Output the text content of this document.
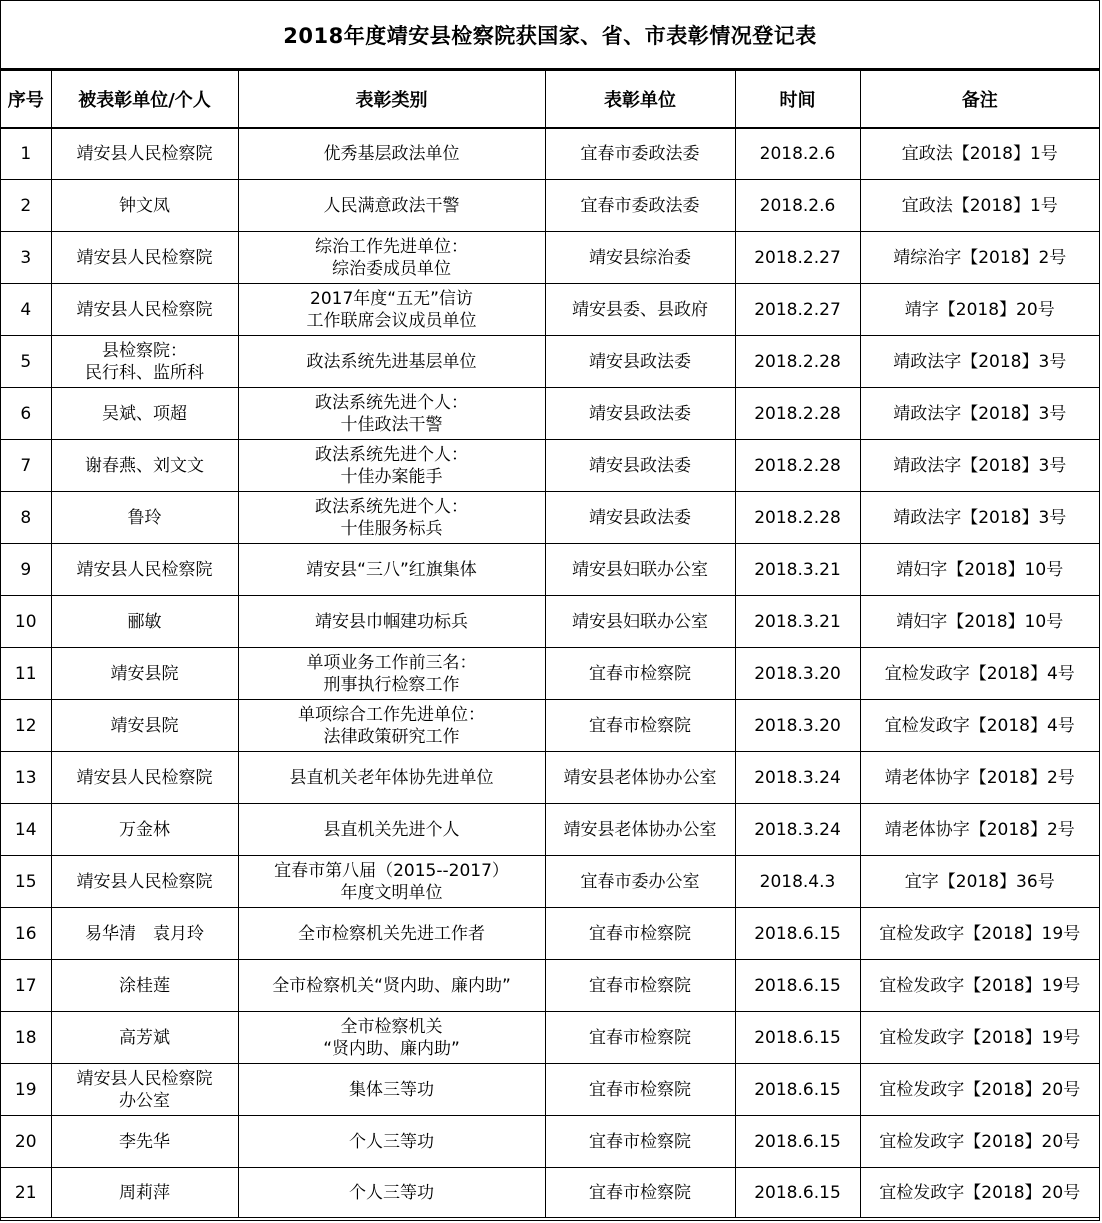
2018年度靖安县检察院获国家、省、市表彰情况登记表
序号	被表彰单位/个人	表彰类别	表彰单位	时间	备注
1	靖安县人民检察院	优秀基层政法单位	宜春市委政法委	2018.2.6	宜政法【2018】1号
2	钟文凤	人民满意政法干警	宜春市委政法委	2018.2.6	宜政法【2018】1号
3	靖安县人民检察院	综治工作先进单位：
综治委成员单位	靖安县综治委	2018.2.27	靖综治字【2018】2号
4	靖安县人民检察院	2017年度“五无”信访
工作联席会议成员单位	靖安县委、县政府	2018.2.27	靖字【2018】20号
5	县检察院：
民行科、监所科	政法系统先进基层单位	靖安县政法委	2018.2.28	靖政法字【2018】3号
6	吴斌、项超	政法系统先进个人：
十佳政法干警	靖安县政法委	2018.2.28	靖政法字【2018】3号
7	谢春燕、刘文文	政法系统先进个人：
十佳办案能手	靖安县政法委	2018.2.28	靖政法字【2018】3号
8	鲁玲	政法系统先进个人：
十佳服务标兵	靖安县政法委	2018.2.28	靖政法字【2018】3号
9	靖安县人民检察院	靖安县“三八”红旗集体	靖安县妇联办公室	2018.3.21	靖妇字【2018】10号
10	郦敏	靖安县巾帼建功标兵	靖安县妇联办公室	2018.3.21	靖妇字【2018】10号
11	靖安县院	单项业务工作前三名：
刑事执行检察工作	宜春市检察院	2018.3.20	宜检发政字【2018】4号
12	靖安县院	单项综合工作先进单位：
法律政策研究工作	宜春市检察院	2018.3.20	宜检发政字【2018】4号
13	靖安县人民检察院	县直机关老年体协先进单位	靖安县老体协办公室	2018.3.24	靖老体协字【2018】2号
14	万金林	县直机关先进个人	靖安县老体协办公室	2018.3.24	靖老体协字【2018】2号
15	靖安县人民检察院	宜春市第八届（2015--2017）
年度文明单位	宜春市委办公室	2018.4.3	宜字【2018】36号
16	易华清　袁月玲	全市检察机关先进工作者	宜春市检察院	2018.6.15	宜检发政字【2018】19号
17	涂桂莲	全市检察机关“贤内助、廉内助”	宜春市检察院	2018.6.15	宜检发政字【2018】19号
18	高芳斌	全市检察机关
“贤内助、廉内助”	宜春市检察院	2018.6.15	宜检发政字【2018】19号
19	靖安县人民检察院
办公室	集体三等功	宜春市检察院	2018.6.15	宜检发政字【2018】20号
20	李先华	个人三等功	宜春市检察院	2018.6.15	宜检发政字【2018】20号
21	周莉萍	个人三等功	宜春市检察院	2018.6.15	宜检发政字【2018】20号
